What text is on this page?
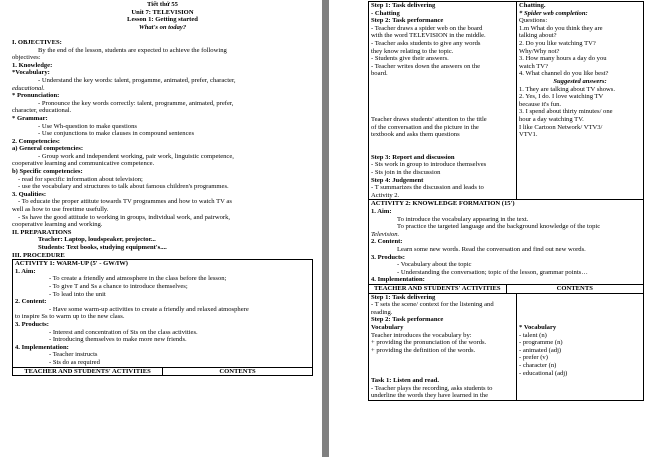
Tiết thứ 55
Unit 7: TELEVISION
Lesson 1: Getting started
What's on today?

I. OBJECTIVES:
By the end of the lesson, students are expected to achieve the following
objectives:
1. Knowledge:
*Vocabulary:
- Understand the key words: talent, progamme, animated, prefer, character,
educational.
* Pronunciation:
- Pronounce the key words correctly: talent, programme, animated, prefer,
character, educational.
* Grammar:
- Use Wh-question to make questions
- Use conjunctions to make clauses in compound sentences
2. Competencies:
a) General competencies:
- Group work and independent working, pair work, linguistic competence,
cooperative learning and communicative competence.
b) Specific competencies:
- read for specific information about television;
- use the vocabulary and structures to talk about famous children's programmes.
3. Qualities:
- To educate the proper attitute towards TV programmes and how to watch TV as
well as how to use freetime usefully.
- Ss have the good attitude to working in groups, individual work, and pairwork,
cooperative learning and working.
II. PREPARATIONS
Teacher: Laptop, loudspeaker, projector...
Students: Text books, studying equipment's....
III. PROCEDURE
ACTIVITY 1: WARM-UP (5' - GW/IW)
1. Aim:
- To create a friendly and atmosphere in the class before the lesson;
- To give T and Ss a chance to introduce themselves;
- To lead into the unit
2. Content:
- Have some warm-up activities to create a friendly and relaxed atmosphere
to inspire Ss to warm up to the new class.
3. Products:
- Interest and concentration of Sts on the class activities.
- Introducing themselves to make more new friends.
4. Implementation:
- Teacher instructs
- Sts do as required
TEACHER AND STUDENTS' ACTIVITIES	CONTENTS
Step 1: Task delivering
- Chatting
Step 2: Task performance
- Teacher draws a spider web on the board
with the word TELEVISION in the middle.
- Teacher asks students to give any words
they know relating to the topic.
- Students give their answers.
- Teacher writes down the answers on the
board.

Teacher draws students' attention to the title
of the conversation and the picture in the
textbook and asks them questions

Step 3: Report and discussion
- Sts work in group to introduce themselves
- Sts join in the discussion
Step 4: Judgement
- T summarizes the discussion and leads to
Activity 2.
Chatting.
* Spider web completion:
Questions:
1.m What do you think they are
talking about?
2. Do you like watching TV?
Why/Why not?
3. How many hours a day do you
watch TV?
4. What channel do you like best?
Suggested answers:
1. They are talking about TV shows.
2. Yes, I do. I love watching TV
because it's fun.
3. I spend about thirty minutes/ one
hour a day watching TV.
I like Cartoon Network/ VTV3/
VTV1.
ACTIVITY 2: KNOWLEDGE FORMATION (15')
1. Aim:
To introduce the vocabulary appearing in the text.
To practice the targeted language and the background knowledge of the topic
Television.
2. Content:
Learn some new words. Read the conversation and find out new words.
3. Products:
- Vocabulary about the topic
- Understanding the conversation; topic of the lesson, grammar points…
4. Implementation:
TEACHER AND STUDENTS' ACTIVITIES	CONTENTS
Step 1: Task delivering
- T sets the scene/ context for the listening and
reading.
Step 2: Task performance
Vocabulary
Teacher introduces the vocabulary by:
+ providing the pronunciation of the words.
+ providing the definition of the words.

Task 1: Listen and read.
- Teacher plays the recording, asks students to
underline the words they have learned in the

* Vocabulary
- talent (n)
- programme (n)
- animated (adj)
- prefer (v)
- character (n)
- educational (adj)
